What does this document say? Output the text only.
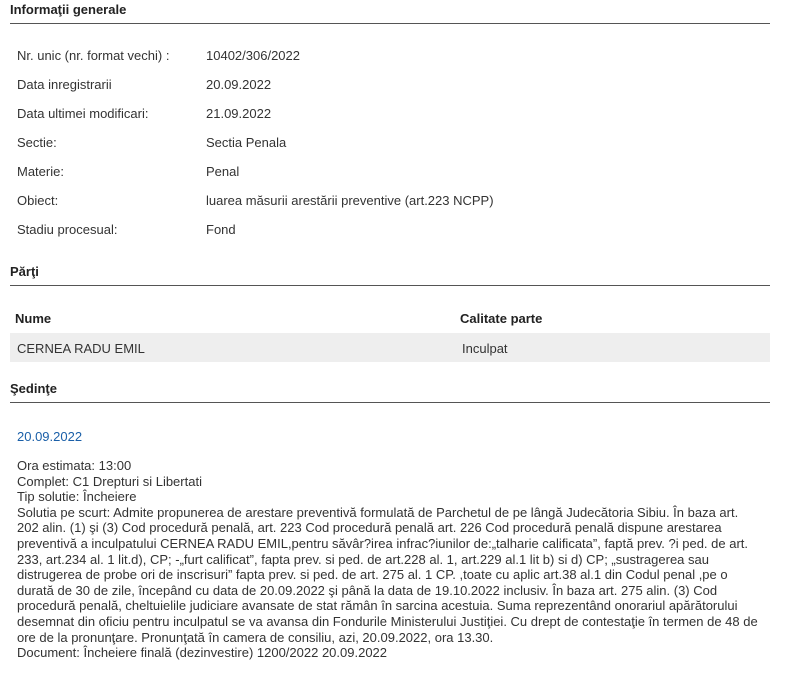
Informaţii generale
Nr. unic (nr. format vechi) :	10402/306/2022
Data inregistrarii	20.09.2022
Data ultimei modificari:	21.09.2022
Sectie:	Sectia Penala
Materie:	Penal
Obiect:	luarea măsurii arestării preventive (art.223 NCPP)
Stadiu procesual:	Fond
Părţi
Nume	Calitate parte
CERNEA RADU EMIL	Inculpat
Şedinţe
20.09.2022
Ora estimata: 13:00
Complet: C1 Drepturi si Libertati
Tip solutie: Încheiere
Solutia pe scurt: Admite propunerea de arestare preventivă formulată de Parchetul de pe lângă Judecătoria Sibiu. În baza art. 202 alin. (1) şi (3) Cod procedură penală, art. 223 Cod procedură penală art. 226 Cod procedură penală dispune arestarea preventivă a inculpatului CERNEA RADU EMIL,pentru săvâr?irea infrac?iunilor de:„talharie calificata”, faptă prev. ?i ped. de art. 233, art.234 al. 1 lit.d), CP; -„furt calificat”, fapta prev. si ped. de art.228 al. 1, art.229 al.1 lit b) si d) CP; „sustragerea sau distrugerea de probe ori de inscrisuri” fapta prev. si ped. de art. 275 al. 1 CP. ,toate cu aplic art.38 al.1 din Codul penal ,pe o durată de 30 de zile, începând cu data de 20.09.2022 şi până la data de 19.10.2022 inclusiv. În baza art. 275 alin. (3) Cod procedură penală, cheltuielile judiciare avansate de stat rămân în sarcina acestuia. Suma reprezentând onorariul apărătorului desemnat din oficiu pentru inculpatul se va avansa din Fondurile Ministerului Justiţiei. Cu drept de contestaţie în termen de 48 de ore de la pronunţare. Pronunţată în camera de consiliu, azi, 20.09.2022, ora 13.30.
Document: Încheiere finală (dezinvestire) 1200/2022 20.09.2022
